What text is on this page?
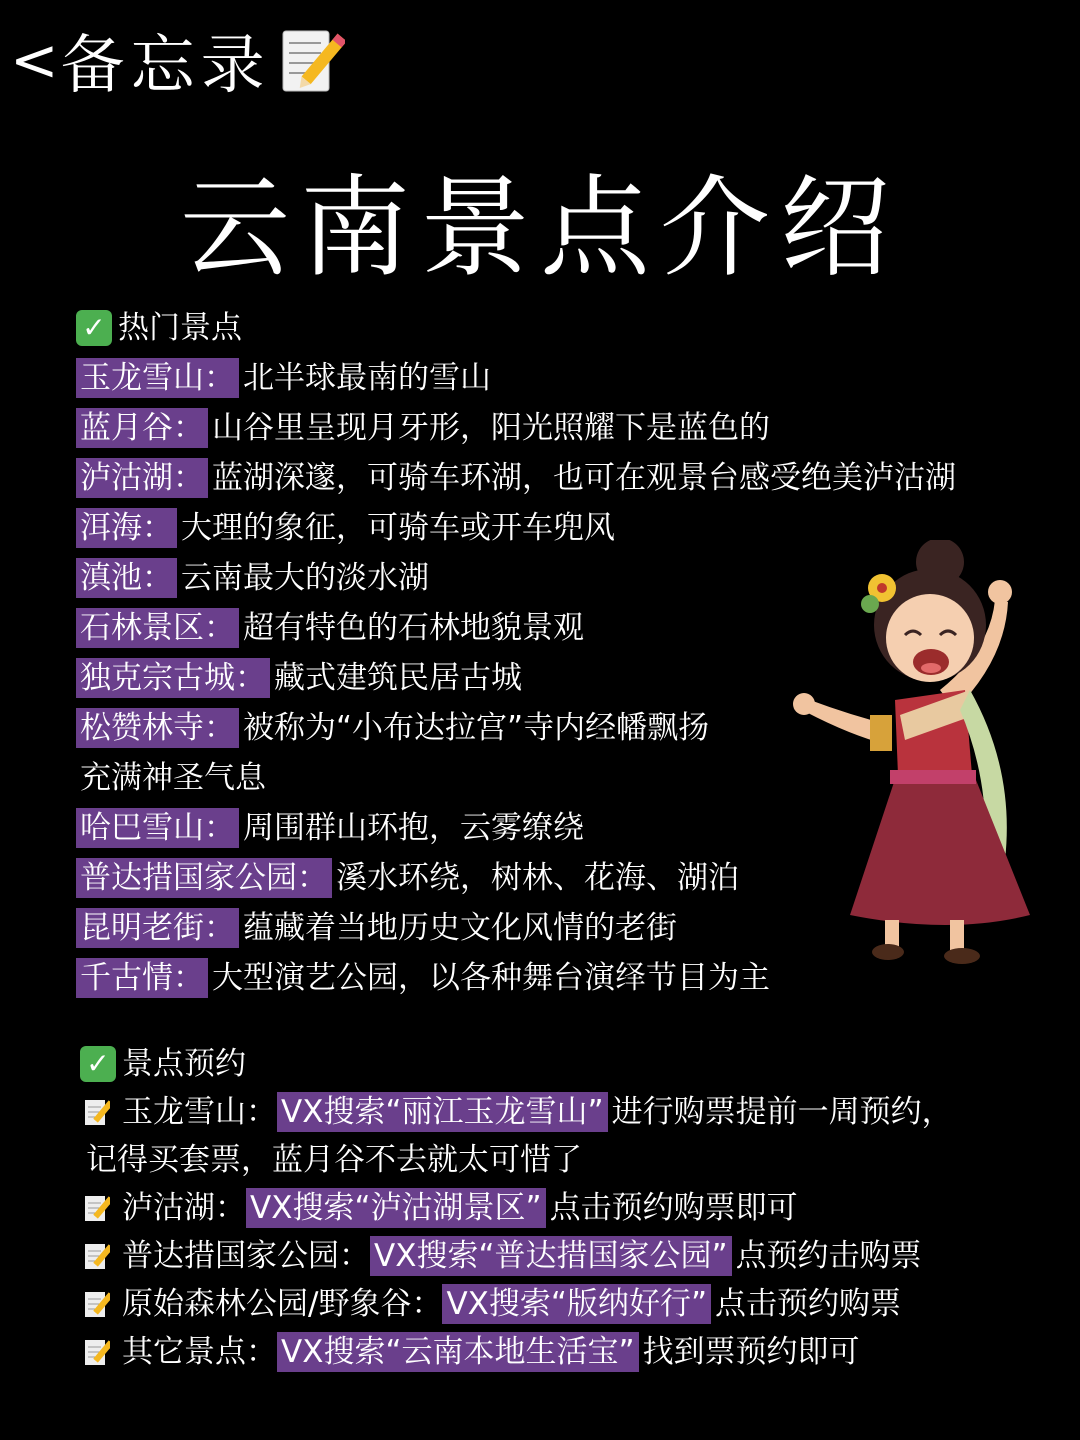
< 备忘录
云南景点介绍
✓ 热门景点
玉龙雪山： 北半球最南的雪山
蓝月谷： 山谷里呈现月牙形，阳光照耀下是蓝色的
泸沽湖： 蓝湖深邃，可骑车环湖，也可在观景台感受绝美泸沽湖
洱海： 大理的象征，可骑车或开车兜风
滇池： 云南最大的淡水湖
石林景区： 超有特色的石林地貌景观
独克宗古城： 藏式建筑民居古城
松赞林寺： 被称为“小布达拉宫”寺内经幡飘扬
充满神圣气息
哈巴雪山： 周围群山环抱，云雾缭绕
普达措国家公园： 溪水环绕，树林、花海、湖泊
昆明老街： 蕴藏着当地历史文化风情的老街
千古情： 大型演艺公园，以各种舞台演绎节目为主
✓ 景点预约
玉龙雪山： VX搜索“丽江玉龙雪山” 进行购票提前一周预约，
记得买套票，蓝月谷不去就太可惜了
泸沽湖： VX搜索“泸沽湖景区” 点击预约购票即可
普达措国家公园： VX搜索“普达措国家公园” 点预约击购票
原始森林公园/野象谷： VX搜索“版纳好行” 点击预约购票
其它景点： VX搜索“云南本地生活宝” 找到票预约即可
